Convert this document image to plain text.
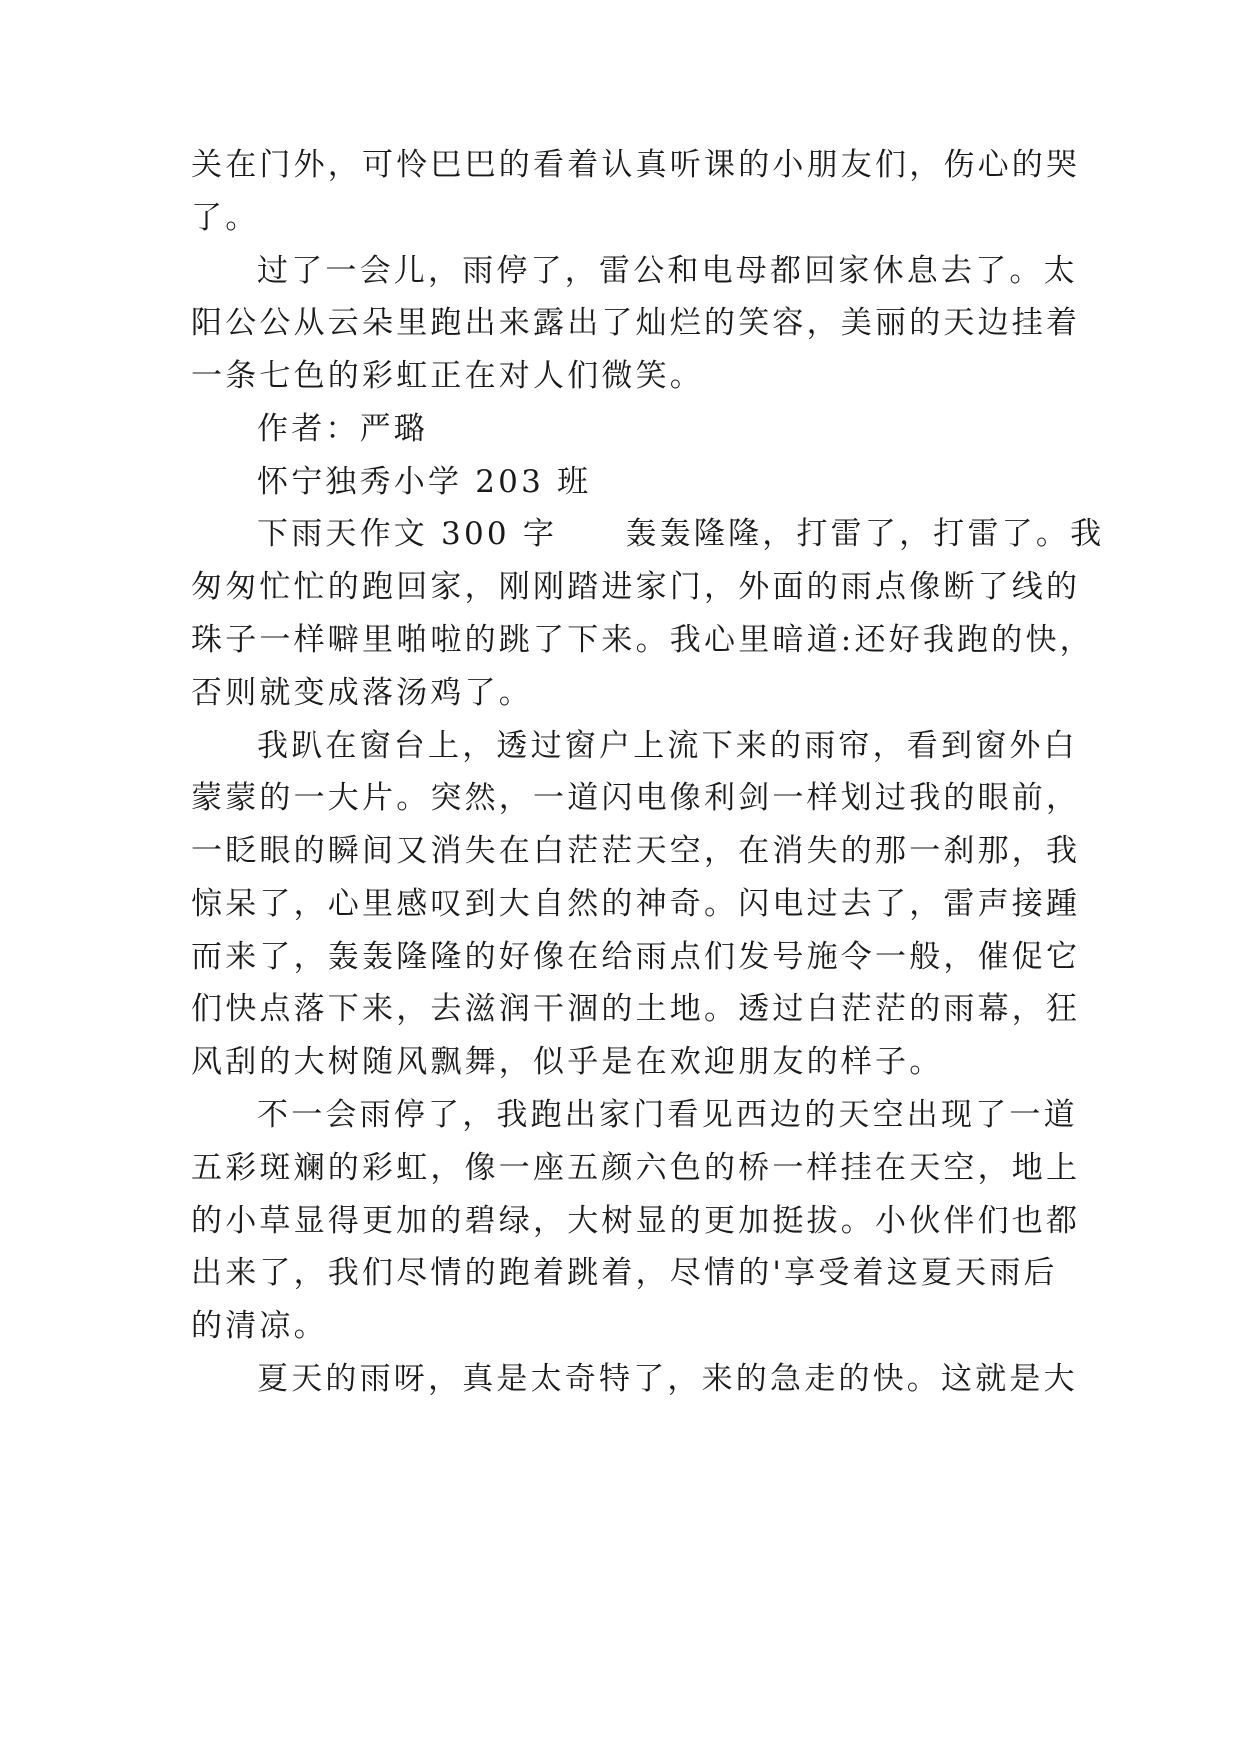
关在门外，可怜巴巴的看着认真听课的小朋友们，伤心的哭
了。
过了一会儿，雨停了，雷公和电母都回家休息去了。太
阳公公从云朵里跑出来露出了灿烂的笑容，美丽的天边挂着
一条七色的彩虹正在对人们微笑。
作者：严璐
怀宁独秀小学 203 班
下雨天作文 300 字　　轰轰隆隆，打雷了，打雷了。我
匆匆忙忙的跑回家，刚刚踏进家门，外面的雨点像断了线的
珠子一样噼里啪啦的跳了下来。我心里暗道:还好我跑的快，
否则就变成落汤鸡了。
我趴在窗台上，透过窗户上流下来的雨帘，看到窗外白
蒙蒙的一大片。突然，一道闪电像利剑一样划过我的眼前，
一眨眼的瞬间又消失在白茫茫天空，在消失的那一刹那，我
惊呆了，心里感叹到大自然的神奇。闪电过去了，雷声接踵
而来了，轰轰隆隆的好像在给雨点们发号施令一般，催促它
们快点落下来，去滋润干涸的土地。透过白茫茫的雨幕，狂
风刮的大树随风飘舞，似乎是在欢迎朋友的样子。
不一会雨停了，我跑出家门看见西边的天空出现了一道
五彩斑斓的彩虹，像一座五颜六色的桥一样挂在天空，地上
的小草显得更加的碧绿，大树显的更加挺拔。小伙伴们也都
出来了，我们尽情的跑着跳着，尽情的'享受着这夏天雨后
的清凉。
夏天的雨呀，真是太奇特了，来的急走的快。这就是大
